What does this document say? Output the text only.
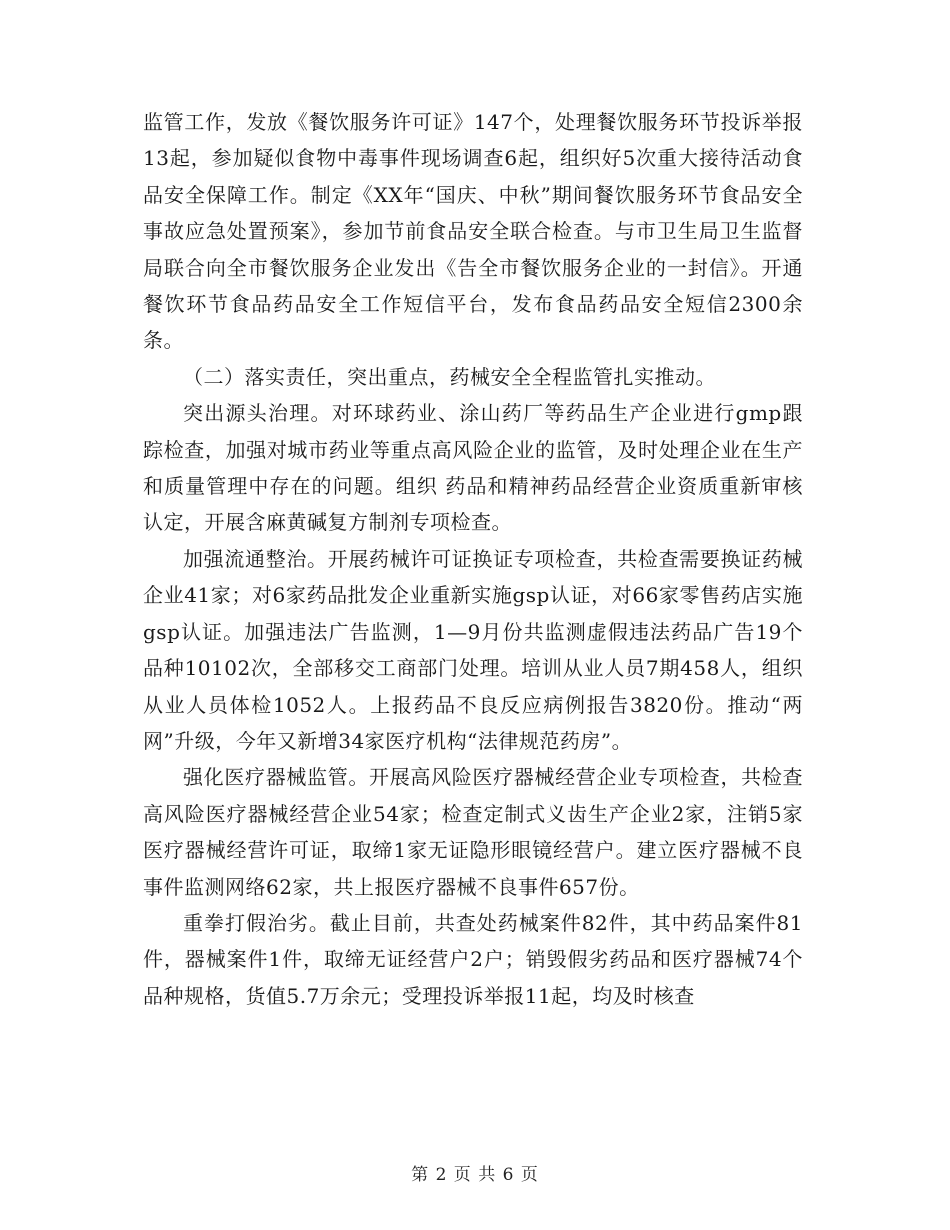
监管工作，发放《餐饮服务许可证》147个，处理餐饮服务环节投诉举报13起，参加疑似食物中毒事件现场调查6起，组织好5次重大接待活动食品安全保障工作。制定《XX年“国庆、中秋”期间餐饮服务环节食品安全事故应急处置预案》，参加节前食品安全联合检查。与市卫生局卫生监督局联合向全市餐饮服务企业发出《告全市餐饮服务企业的一封信》。开通餐饮环节食品药品安全工作短信平台，发布食品药品安全短信2300余条。

（二）落实责任，突出重点，药械安全全程监管扎实推动。

突出源头治理。对环球药业、涂山药厂等药品生产企业进行gmp跟踪检查，加强对城市药业等重点高风险企业的监管，及时处理企业在生产和质量管理中存在的问题。组织 药品和精神药品经营企业资质重新审核认定，开展含麻黄碱复方制剂专项检查。

加强流通整治。开展药械许可证换证专项检查，共检查需要换证药械企业41家；对6家药品批发企业重新实施gsp认证，对66家零售药店实施gsp认证。加强违法广告监测，1—9月份共监测虚假违法药品广告19个品种10102次，全部移交工商部门处理。培训从业人员7期458人，组织从业人员体检1052人。上报药品不良反应病例报告3820份。推动“两网”升级，今年又新增34家医疗机构“法律规范药房”。

强化医疗器械监管。开展高风险医疗器械经营企业专项检查，共检查高风险医疗器械经营企业54家；检查定制式义齿生产企业2家，注销5家医疗器械经营许可证，取缔1家无证隐形眼镜经营户。建立医疗器械不良事件监测网络62家，共上报医疗器械不良事件657份。

重拳打假治劣。截止目前，共查处药械案件82件，其中药品案件81件，器械案件1件，取缔无证经营户2户；销毁假劣药品和医疗器械74个品种规格，货值5.7万余元；受理投诉举报11起，均及时核查

第 2 页 共 6 页
